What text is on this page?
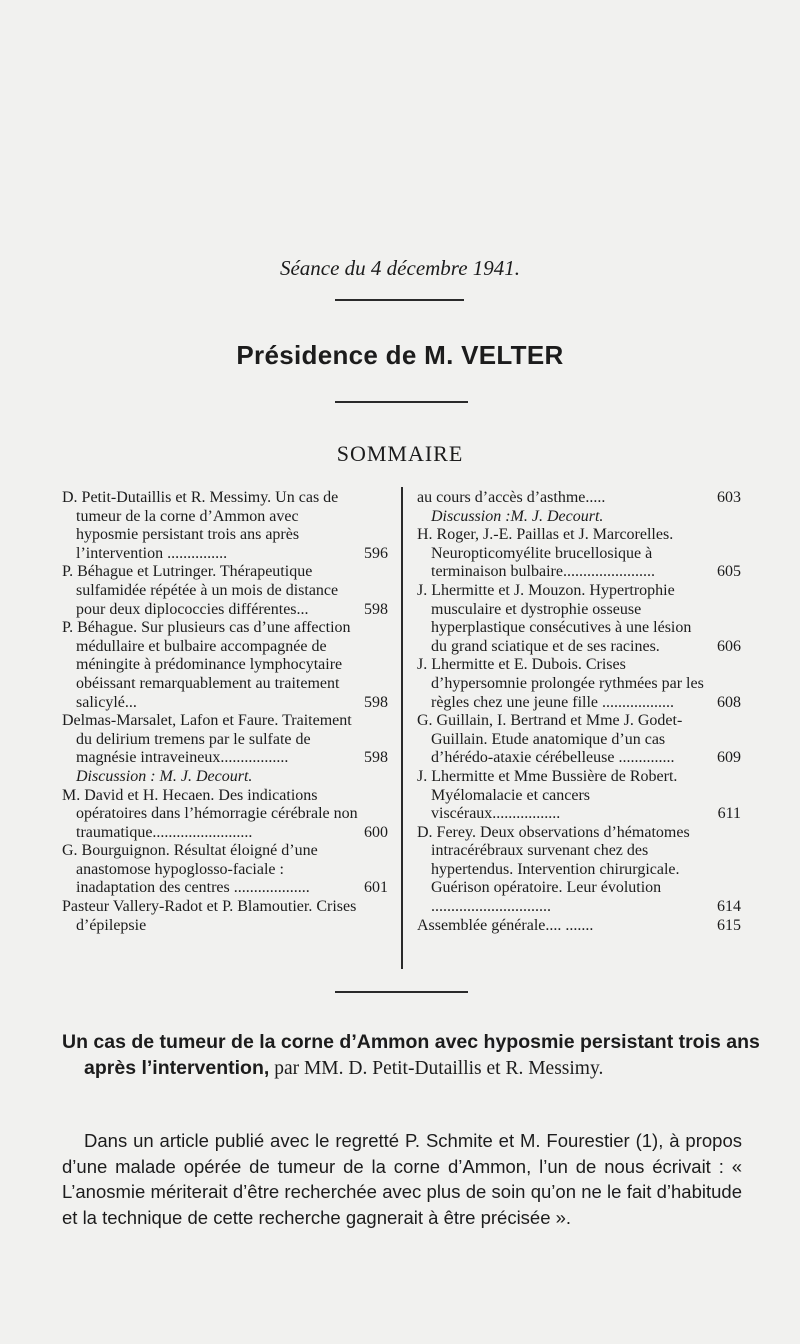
Séance du 4 décembre 1941.
Présidence de M. VELTER
SOMMAIRE
D. Petit-Dutaillis et R. Messimy. Un cas de tumeur de la corne d’Ammon avec hyposmie persistant trois ans après l’intervention ...............	596
P. Béhague et Lutringer. Thérapeutique sulfamidée répétée à un mois de distance pour deux diplococcies différentes...	598
P. Béhague. Sur plusieurs cas d’une affection médullaire et bulbaire accompagnée de méningite à prédominance lymphocytaire obéissant remarquablement au traitement salicylé...	598
Delmas-Marsalet, Lafon et Faure. Traitement du delirium tremens par le sulfate de magnésie intraveineux.................	598
Discussion : M. J. Decourt.
M. David et H. Hecaen. Des indications opératoires dans l’hémorragie cérébrale non traumatique.........................	600
G. Bourguignon. Résultat éloigné d’une anastomose hypoglosso-faciale : inadaptation des centres ...................	601
Pasteur Vallery-Radot et P. Blamoutier. Crises d’épilepsie
au cours d’accès d’asthme.....	603
Discussion :M. J. Decourt.
H. Roger, J.-E. Paillas et J. Marcorelles. Neuropticomyélite brucellosique à terminaison bulbaire.......................	605
J. Lhermitte et J. Mouzon. Hypertrophie musculaire et dystrophie osseuse hyperplastique consécutives à une lésion du grand sciatique et de ses racines.	606
J. Lhermitte et E. Dubois. Crises d’hypersomnie prolongée rythmées par les règles chez une jeune fille ..................	608
G. Guillain, I. Bertrand et Mme J. Godet-Guillain. Etude anatomique d’un cas d’hérédo-ataxie cérébelleuse ..............	609
J. Lhermitte et Mme Bussière de Robert. Myélomalacie et cancers viscéraux.................	611
D. Ferey. Deux observations d’hématomes intracérébraux survenant chez des hypertendus. Intervention chirurgicale. Guérison opératoire. Leur évolution ..............................	614
Assemblée générale.... .......	615
Un cas de tumeur de la corne d’Ammon avec hyposmie persistant trois ans après l’intervention, par MM. D. Petit-Dutaillis et R. Messimy.
Dans un article publié avec le regretté P. Schmite et M. Fourestier (1), à propos d’une malade opérée de tumeur de la corne d’Ammon, l’un de nous écrivait : « L’anosmie mériterait d’être recherchée avec plus de soin qu’on ne le fait d’habitude et la technique de cette recherche gagnerait à être précisée ».
